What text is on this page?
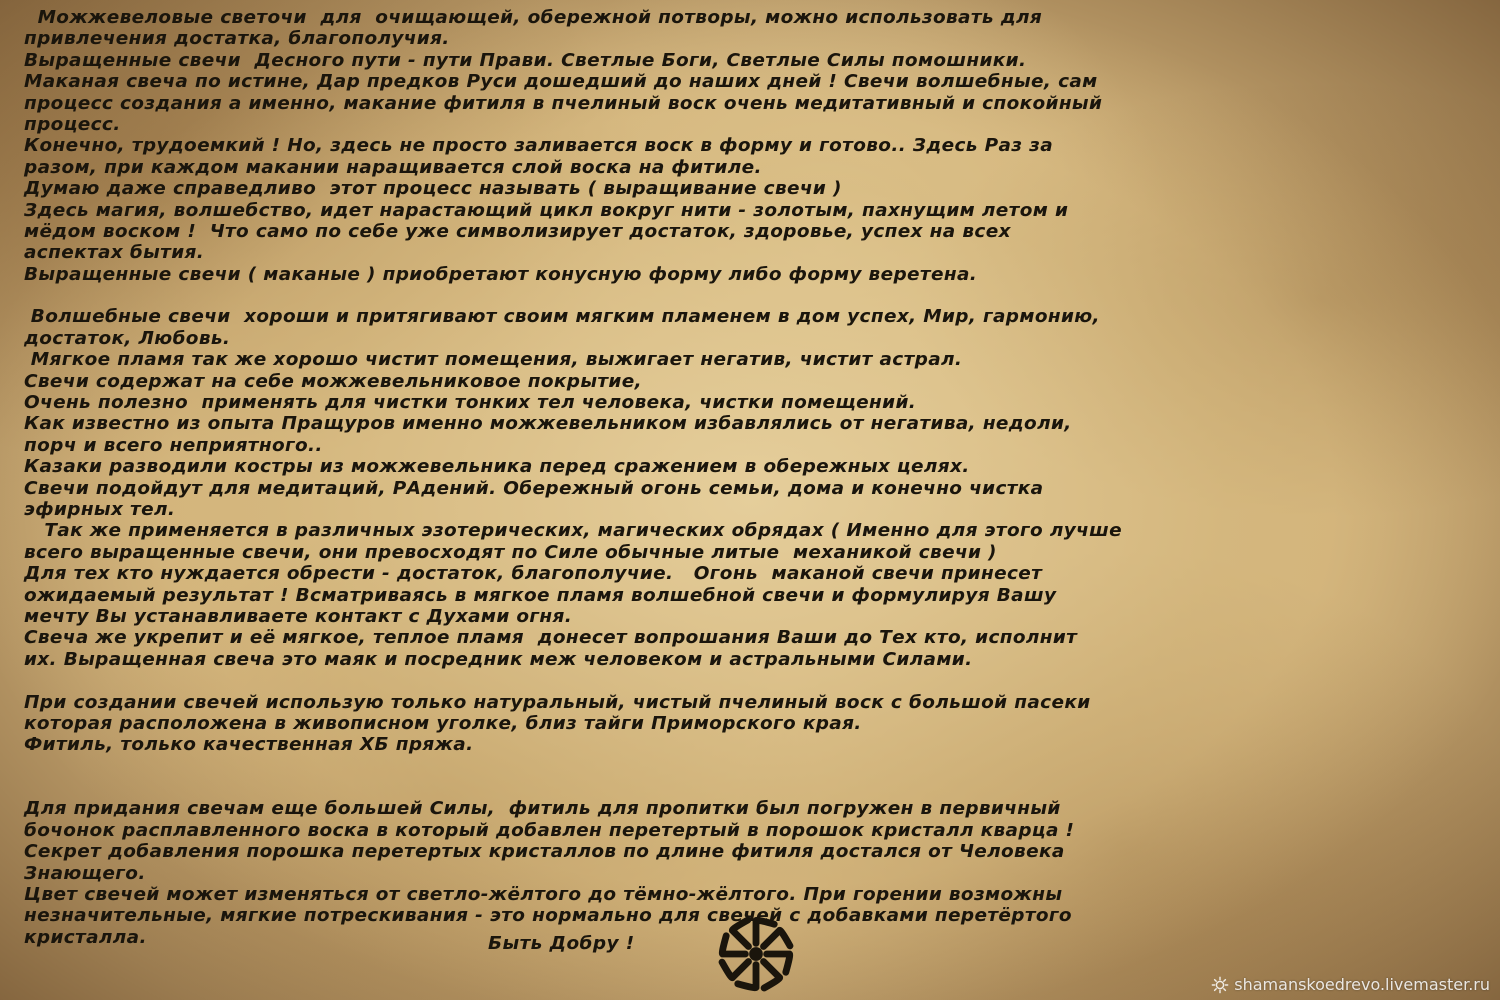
Можжевеловые светочи  для  очищающей, обережной потворы, можно использовать для
привлечения достатка, благополучия.
Выращенные свечи  Десного пути - пути Прави. Светлые Боги, Светлые Силы помошники.
Маканая свеча по истине, Дар предков Руси дошедший до наших дней ! Свечи волшебные, сам
процесс создания а именно, макание фитиля в пчелиный воск очень медитативный и спокойный
процесс.
Конечно, трудоемкий ! Но, здесь не просто заливается воск в форму и готово.. Здесь Раз за
разом, при каждом макании наращивается слой воска на фитиле.
Думаю даже справедливо  этот процесс называть ( выращивание свечи )
Здесь магия, волшебство, идет нарастающий цикл вокруг нити - золотым, пахнущим летом и
мёдом воском !  Что само по себе уже символизирует достаток, здоровье, успех на всех
аспектах бытия.
Выращенные свечи ( маканые ) приобретают конусную форму либо форму веретена.
Волшебные свечи  хороши и притягивают своим мягким пламенем в дом успех, Мир, гармонию,
достаток, Любовь.
Мягкое пламя так же хорошо чистит помещения, выжигает негатив, чистит астрал.
Свечи содержат на себе можжевельниковое покрытие,
Очень полезно  применять для чистки тонких тел человека, чистки помещений.
Как известно из опыта Пращуров именно можжевельником избавлялись от негатива, недоли,
порч и всего неприятного..
Казаки разводили костры из можжевельника перед сражением в обережных целях.
Свечи подойдут для медитаций, РАдений. Обережный огонь семьи, дома и конечно чистка
эфирных тел.
Так же применяется в различных эзотерических, магических обрядах ( Именно для этого лучше
всего выращенные свечи, они превосходят по Силе обычные литые  механикой свечи )
Для тех кто нуждается обрести - достаток, благополучие.   Огонь  маканой свечи принесет
ожидаемый результат ! Всматриваясь в мягкое пламя волшебной свечи и формулируя Вашу
мечту Вы устанавливаете контакт с Духами огня.
Свеча же укрепит и её мягкое, теплое пламя  донесет вопрошания Ваши до Тех кто, исполнит
их. Выращенная свеча это маяк и посредник меж человеком и астральными Силами.
При создании свечей использую только натуральный, чистый пчелиный воск с большой пасеки
которая расположена в живописном уголке, близ тайги Приморского края.
Фитиль, только качественная ХБ пряжа.
Для придания свечам еще большей Силы,  фитиль для пропитки был погружен в первичный
бочонок расплавленного воска в который добавлен перетертый в порошок кристалл кварца !
Секрет добавления порошка перетертых кристаллов по длине фитиля достался от Человека
Знающего.
Цвет свечей может изменяться от светло-жёлтого до тёмно-жёлтого. При горении возможны
незначительные, мягкие потрескивания - это нормально для свечей с добавками перетёртого
кристалла.	Быть Добру !
shamanskoedrevo.livemaster.ru
